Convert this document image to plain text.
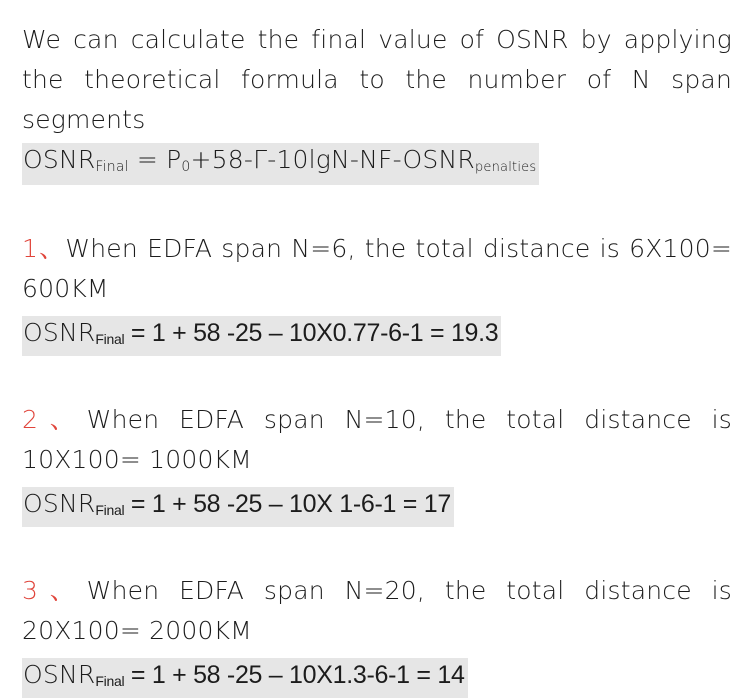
We can calculate the final value of OSNR by applying the theoretical formula to the number of N span segments
$OSNR_{Final}$ = $P_0+58-\Gamma-10\lg N-NF-OSNR_{penalties}$

1、When EDFA span N=6, the total distance is 6X100= 600KM

$OSNR_{Final} = 1 + 58$ -25 – 10X0.77-6-1 = 19.3

2、When EDFA span N=10, the total distance is 10X100= 1000KM

$OSNR_{Final} = 1 + 58$ -25 – 10X 1-6-1 = 17

3、When EDFA span N=20, the total distance is 20X100= 2000KM

$OSNR_{Final} = 1 + 58$ -25 – 10X1.3-6-1 = 14
